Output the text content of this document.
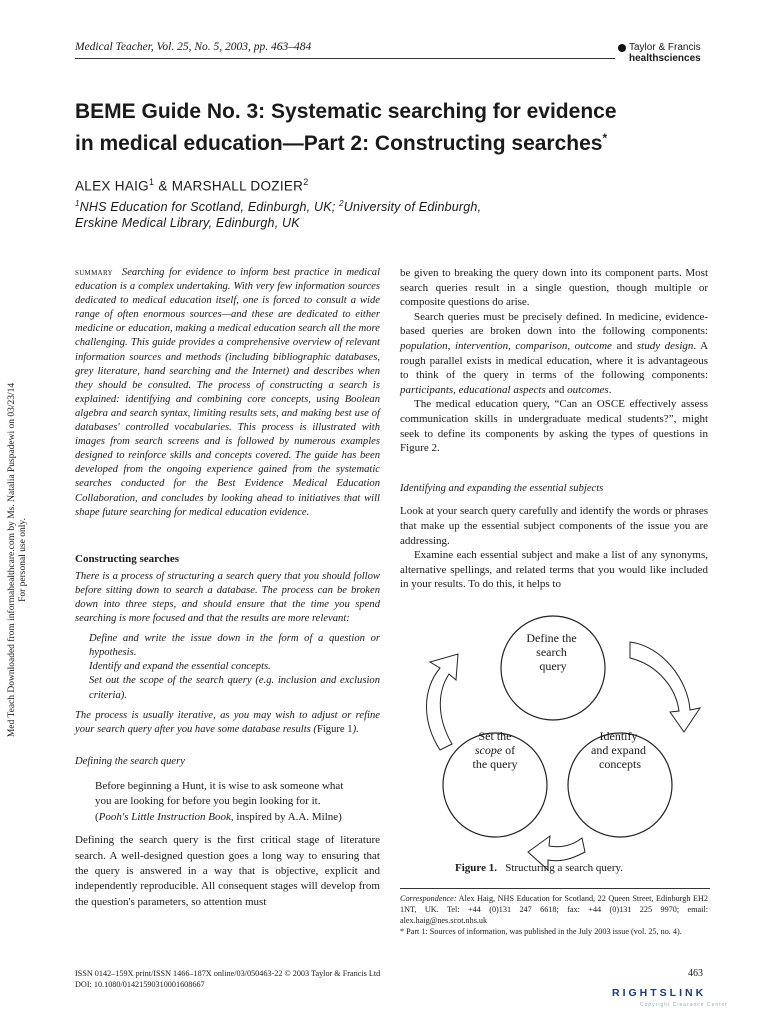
Medical Teacher, Vol. 25, No. 5, 2003, pp. 463–484	Taylor & Francis
healthsciences
BEME Guide No. 3: Systematic searching for evidence
in medical education—Part 2: Constructing searches*
ALEX HAIG$^1$ & MARSHALL DOZIER$^2$
$^1$NHS Education for Scotland, Edinburgh, UK; $^2$University of Edinburgh,
Erskine Medical Library, Edinburgh, UK
Med Teach Downloaded from informahealthcare.com by Ms. Natalia Puspadewi on 03/23/14 For personal use only.

summary Searching for evidence to inform best practice in medical education is a complex undertaking. With very few information sources dedicated to medical education itself, one is forced to consult a wide range of often enormous sources—and these are dedicated to either medicine or education, making a medical education search all the more challenging. This guide provides a comprehensive overview of relevant information sources and methods (including bibliographic databases, grey literature, hand searching and the Internet) and describes when they should be consulted. The process of constructing a search is explained: identifying and combining core concepts, using Boolean algebra and search syntax, limiting results sets, and making best use of databases' controlled vocabularies. This process is illustrated with images from search screens and is followed by numerous examples designed to reinforce skills and concepts covered. The guide has been developed from the ongoing experience gained from the systematic searches conducted for the Best Evidence Medical Education Collaboration, and concludes by looking ahead to initiatives that will shape future searching for medical education evidence.

Constructing searches

There is a process of structuring a search query that you should follow before sitting down to search a database. The process can be broken down into three steps, and should ensure that the time you spend searching is more focused and that the results are more relevant:

Define and write the issue down in the form of a question or hypothesis.
Identify and expand the essential concepts.
Set out the scope of the search query (e.g. inclusion and exclusion criteria).

The process is usually iterative, as you may wish to adjust or refine your search query after you have some database results (Figure 1).

Defining the search query

Before beginning a Hunt, it is wise to ask someone what you are looking for before you begin looking for it. (Pooh's Little Instruction Book, inspired by A.A. Milne)

Defining the search query is the first critical stage of literature search. A well-designed question goes a long way to ensuring that the query is answered in a way that is objective, explicit and independently reproducible. All consequent stages will develop from the question's parameters, so attention must

be given to breaking the query down into its component parts. Most search queries result in a single question, though multiple or composite questions do arise.

Search queries must be precisely defined. In medicine, evidence-based queries are broken down into the following components: population, intervention, comparison, outcome and study design. A rough parallel exists in medical education, where it is advantageous to think of the query in terms of the following components: participants, educational aspects and outcomes.

The medical education query, “Can an OSCE effectively assess communication skills in undergraduate medical students?”, might seek to define its components by asking the types of questions in Figure 2.

Identifying and expanding the essential subjects

Look at your search query carefully and identify the words or phrases that make up the essential subject components of the issue you are addressing.

Examine each essential subject and make a list of any synonyms, alternative spellings, and related terms that you would like included in your results. To do this, it helps to

Define the search query
Identify and expand concepts
Set the
scope of
the query
Figure 1. Structuring a search query.
Correspondence: Alex Haig, NHS Education for Scotland, 22 Queen Street, Edinburgh EH2 1NT, UK. Tel: +44 (0)131 247 6618; fax: +44 (0)131 225 9970; email: alex.haig@nes.scot.nhs.uk
* Part 1: Sources of information, was published in the July 2003 issue (vol. 25, no. 4).
ISSN 0142–159X print/ISSN 1466–187X online/03/050463-22 © 2003 Taylor & Francis Ltd
DOI: 10.1080/01421590310001608667
463
RIGHTSLINK
Copyright Clearance Center
